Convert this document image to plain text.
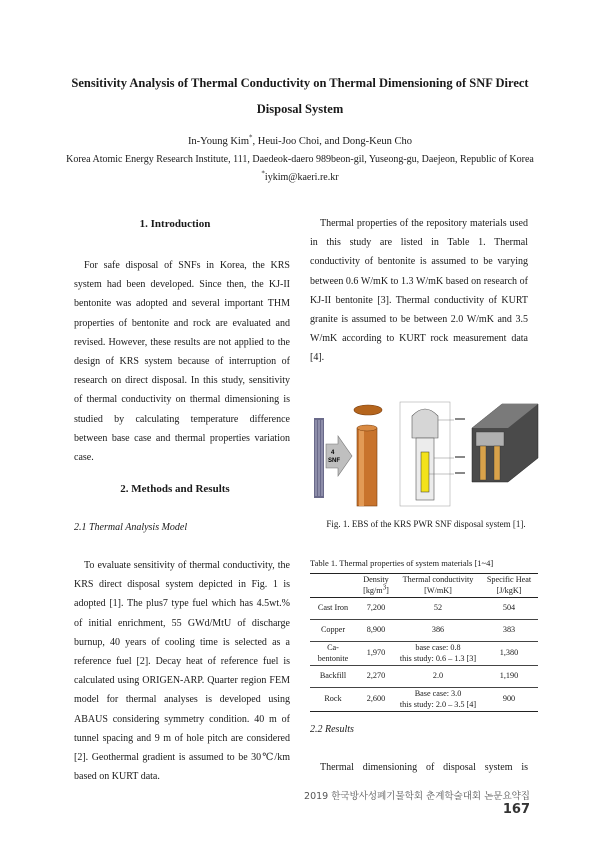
Sensitivity Analysis of Thermal Conductivity on Thermal Dimensioning of SNF Direct Disposal System
In-Young Kim*, Heui-Joo Choi, and Dong-Keun Cho
Korea Atomic Energy Research Institute, 111, Daedeok-daero 989beon-gil, Yuseong-gu, Daejeon, Republic of Korea
*iykim@kaeri.re.kr
1. Introduction

For safe disposal of SNFs in Korea, the KRS system had been developed. Since then, the KJ-II bentonite was adopted and several important THM properties of bentonite and rock are evaluated and revised. However, these results are not applied to the design of KRS system because of interruption of research on direct disposal. In this study, sensitivity of thermal conductivity on thermal dimensioning is studied by calculating temperature difference between base case and thermal properties variation case.

2. Methods and Results
2.1 Thermal Analysis Model

To evaluate sensitivity of thermal conductivity, the KRS direct disposal system depicted in Fig. 1 is adopted [1]. The plus7 type fuel which has 4.5wt.% of initial enrichment, 55 GWd/MtU of discharge burnup, 40 years of cooling time is selected as a reference fuel [2]. Decay heat of reference fuel is calculated using ORIGEN-ARP. Quarter region FEM model for thermal analyses is developed using ABAUS considering symmetry condition. 40 m of tunnel spacing and 9 m of hole pitch are considered [2]. Geothermal gradient is assumed to be 30℃/km based on KURT data.

Thermal properties of the repository materials used in this study are listed in Table 1. Thermal conductivity of bentonite is assumed to be varying between 0.6 W/mK to 1.3 W/mK based on research of KJ-II bentonite [3]. Thermal conductivity of KURT granite is assumed to be between 2.0 W/mK and 3.5 W/mK according to KURT rock measurement data [4].

4
SNF
Fig. 1. EBS of the KRS PWR SNF disposal system [1].
Table 1. Thermal properties of system materials [1~4]
	Density
$[kg/m^3]$	Thermal conductivity
[W/mK]	Specific Heat
[J/kgK]
Cast Iron	7,200	52	504
Copper	8,900	386	383
Ca-bentonite	1,970	base case: 0.8
this study: 0.6 – 1.3 [3]	1,380
Backfill	2,270	2.0	1,190
Rock	2,600	Base case: 3.0
this study: 2.0 – 3.5 [4]	900
2.2 Results

Thermal dimensioning of disposal system is

2019 한국방사성폐기물학회 춘계학술대회 논문요약집167
